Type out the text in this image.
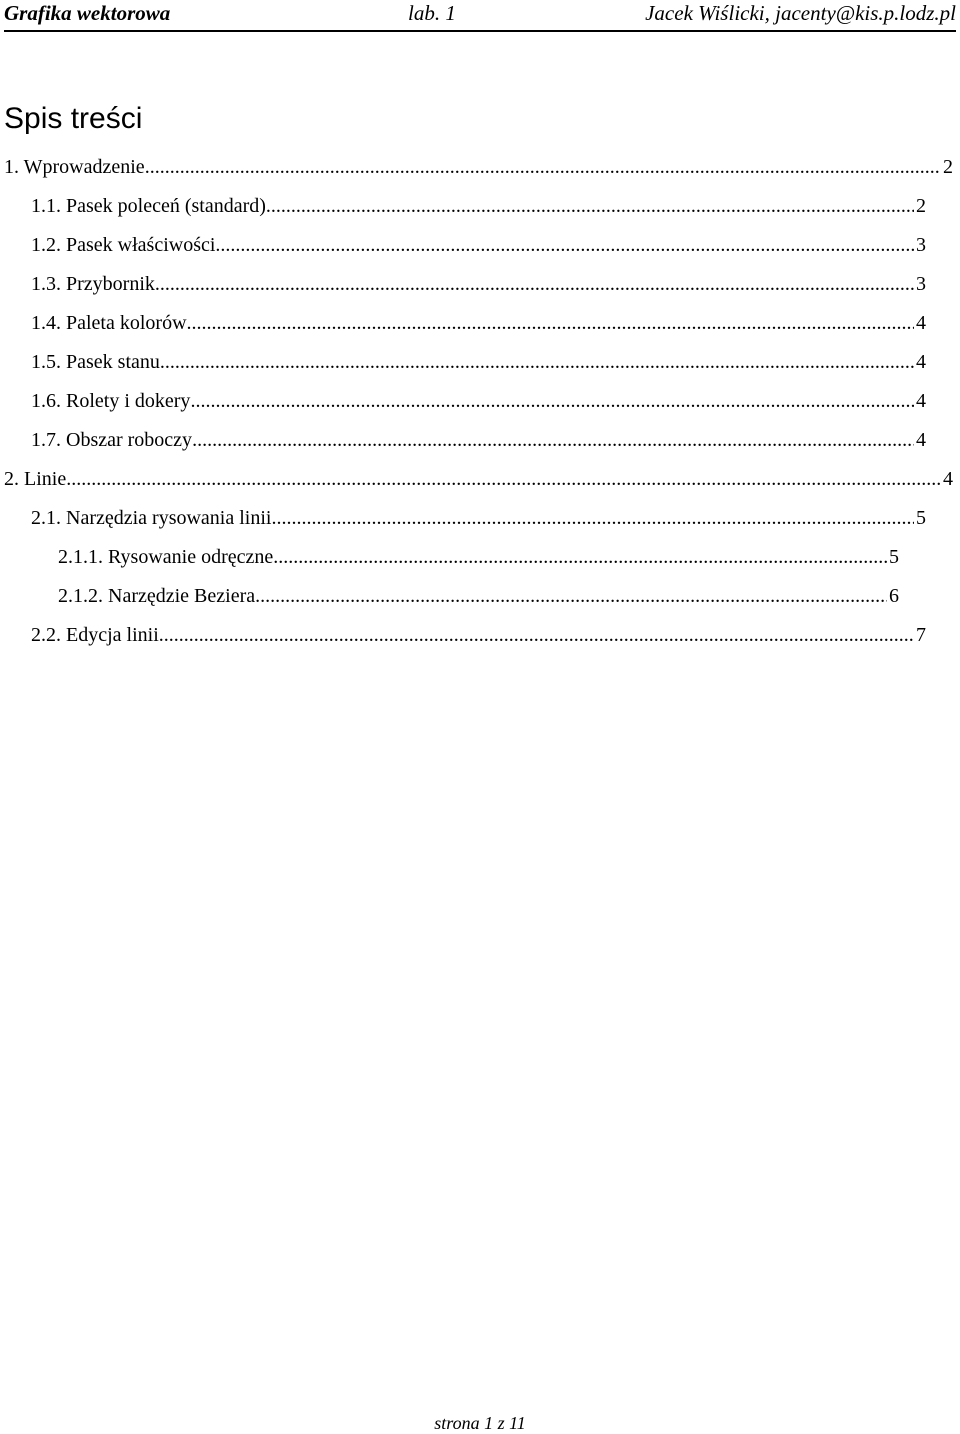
Grafika wektorowa	lab. 1	Jacek Wiślicki, jacenty@kis.p.lodz.pl
Spis treści
1. Wprowadzenie .....	2
1.1. Pasek poleceń (standard) .....	2
1.2. Pasek właściwości .....	3
1.3. Przybornik .....	3
1.4. Paleta kolorów .....	4
1.5. Pasek stanu .....	4
1.6. Rolety i dokery .....	4
1.7. Obszar roboczy .....	4
2. Linie .....	4
2.1. Narzędzia rysowania linii .....	5
2.1.1. Rysowanie odręczne .....	5
2.1.2. Narzędzie Beziera .....	6
2.2. Edycja linii .....	7
strona 1 z 11
